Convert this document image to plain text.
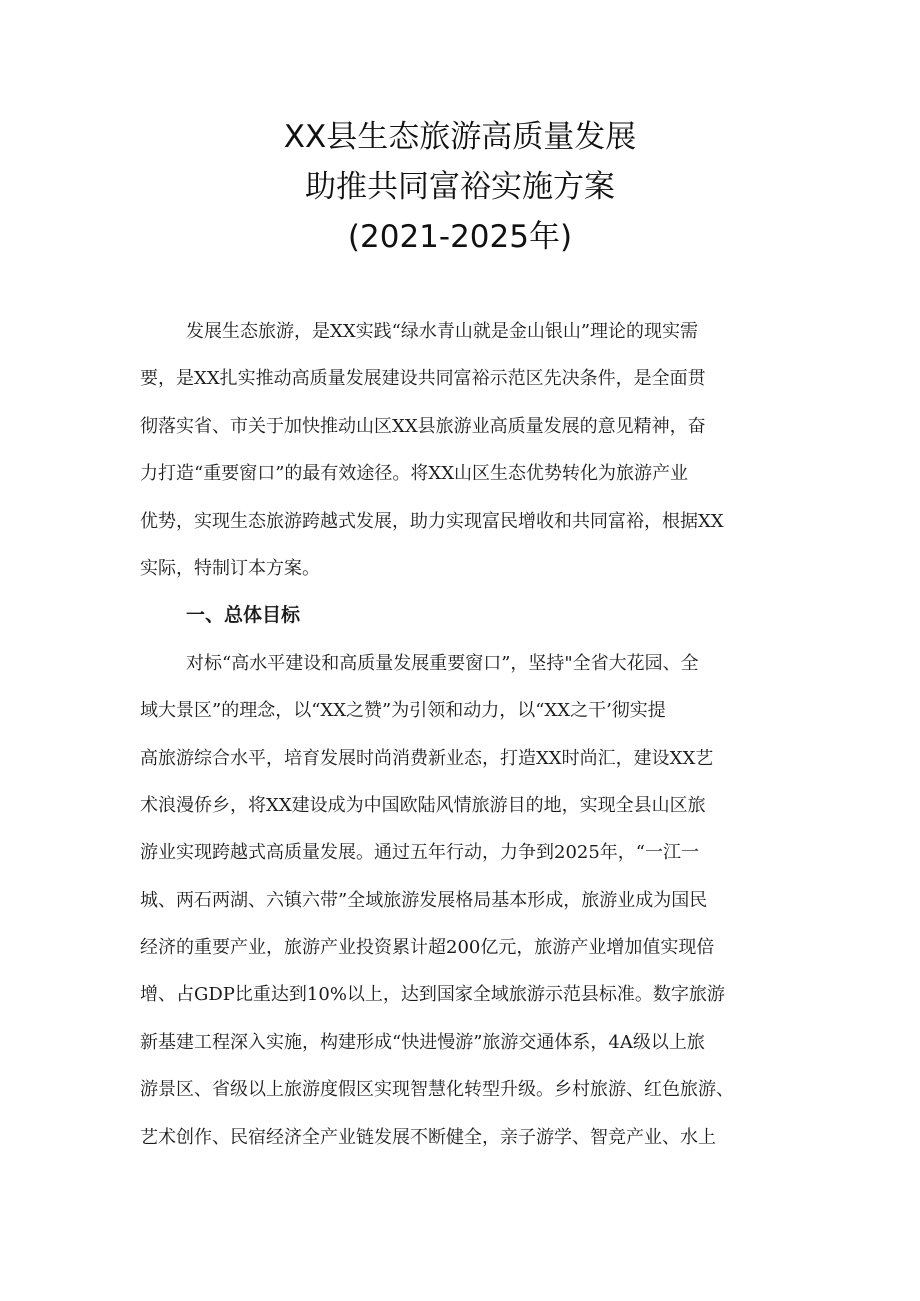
XX县生态旅游高质量发展
助推共同富裕实施方案
(2021-2025年)
发展生态旅游，是XX实践“绿水青山就是金山银山”理论的现实需
要，是XX扎实推动高质量发展建设共同富裕示范区先决条件，是全面贯
彻落实省、市关于加快推动山区XX县旅游业高质量发展的意见精神，奋
力打造“重要窗口”的最有效途径。将XX山区生态优势转化为旅游产业
优势，实现生态旅游跨越式发展，助力实现富民增收和共同富裕，根据XX
实际，特制订本方案。
一、总体目标
对标“高水平建设和高质量发展重要窗口”，坚持"全省大花园、全
域大景区”的理念，以“XX之赞”为引领和动力，以“XX之干’彻实提
高旅游综合水平，培育发展时尚消费新业态，打造XX时尚汇，建设XX艺
术浪漫侨乡，将XX建设成为中国欧陆风情旅游目的地，实现全县山区旅
游业实现跨越式高质量发展。通过五年行动，力争到2025年，“一江一
城、两石两湖、六镇六带”全域旅游发展格局基本形成，旅游业成为国民
经济的重要产业，旅游产业投资累计超200亿元，旅游产业增加值实现倍
增、占GDP比重达到10%以上，达到国家全域旅游示范县标准。数字旅游
新基建工程深入实施，构建形成“快进慢游”旅游交通体系，4A级以上旅
游景区、省级以上旅游度假区实现智慧化转型升级。乡村旅游、红色旅游、
艺术创作、民宿经济全产业链发展不断健全，亲子游学、智竞产业、水上
